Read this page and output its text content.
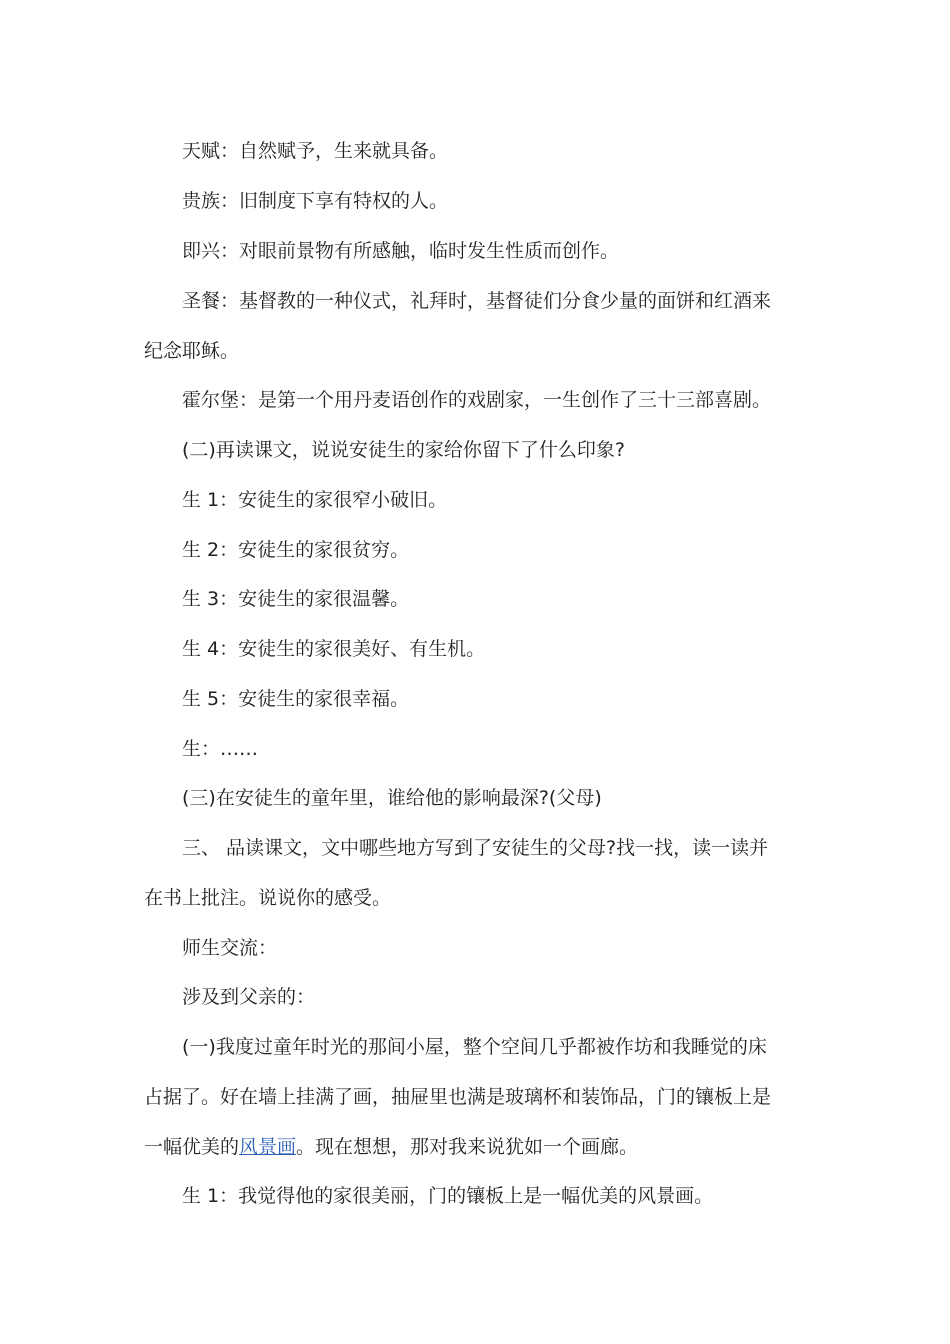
天赋：自然赋予，生来就具备。
贵族：旧制度下享有特权的人。
即兴：对眼前景物有所感触，临时发生性质而创作。
圣餐：基督教的一种仪式，礼拜时，基督徒们分食少量的面饼和红酒来
纪念耶稣。
霍尔堡：是第一个用丹麦语创作的戏剧家，一生创作了三十三部喜剧。
(二)再读课文，说说安徒生的家给你留下了什么印象?
生 1：安徒生的家很窄小破旧。
生 2：安徒生的家很贫穷。
生 3：安徒生的家很温馨。
生 4：安徒生的家很美好、有生机。
生 5：安徒生的家很幸福。
生：……
(三)在安徒生的童年里，谁给他的影响最深?(父母)
三、 品读课文，文中哪些地方写到了安徒生的父母?找一找，读一读并
在书上批注。说说你的感受。
师生交流：
涉及到父亲的：
(一)我度过童年时光的那间小屋，整个空间几乎都被作坊和我睡觉的床
占据了。好在墙上挂满了画，抽屉里也满是玻璃杯和装饰品，门的镶板上是
一幅优美的风景画。现在想想，那对我来说犹如一个画廊。
生 1：我觉得他的家很美丽，门的镶板上是一幅优美的风景画。
